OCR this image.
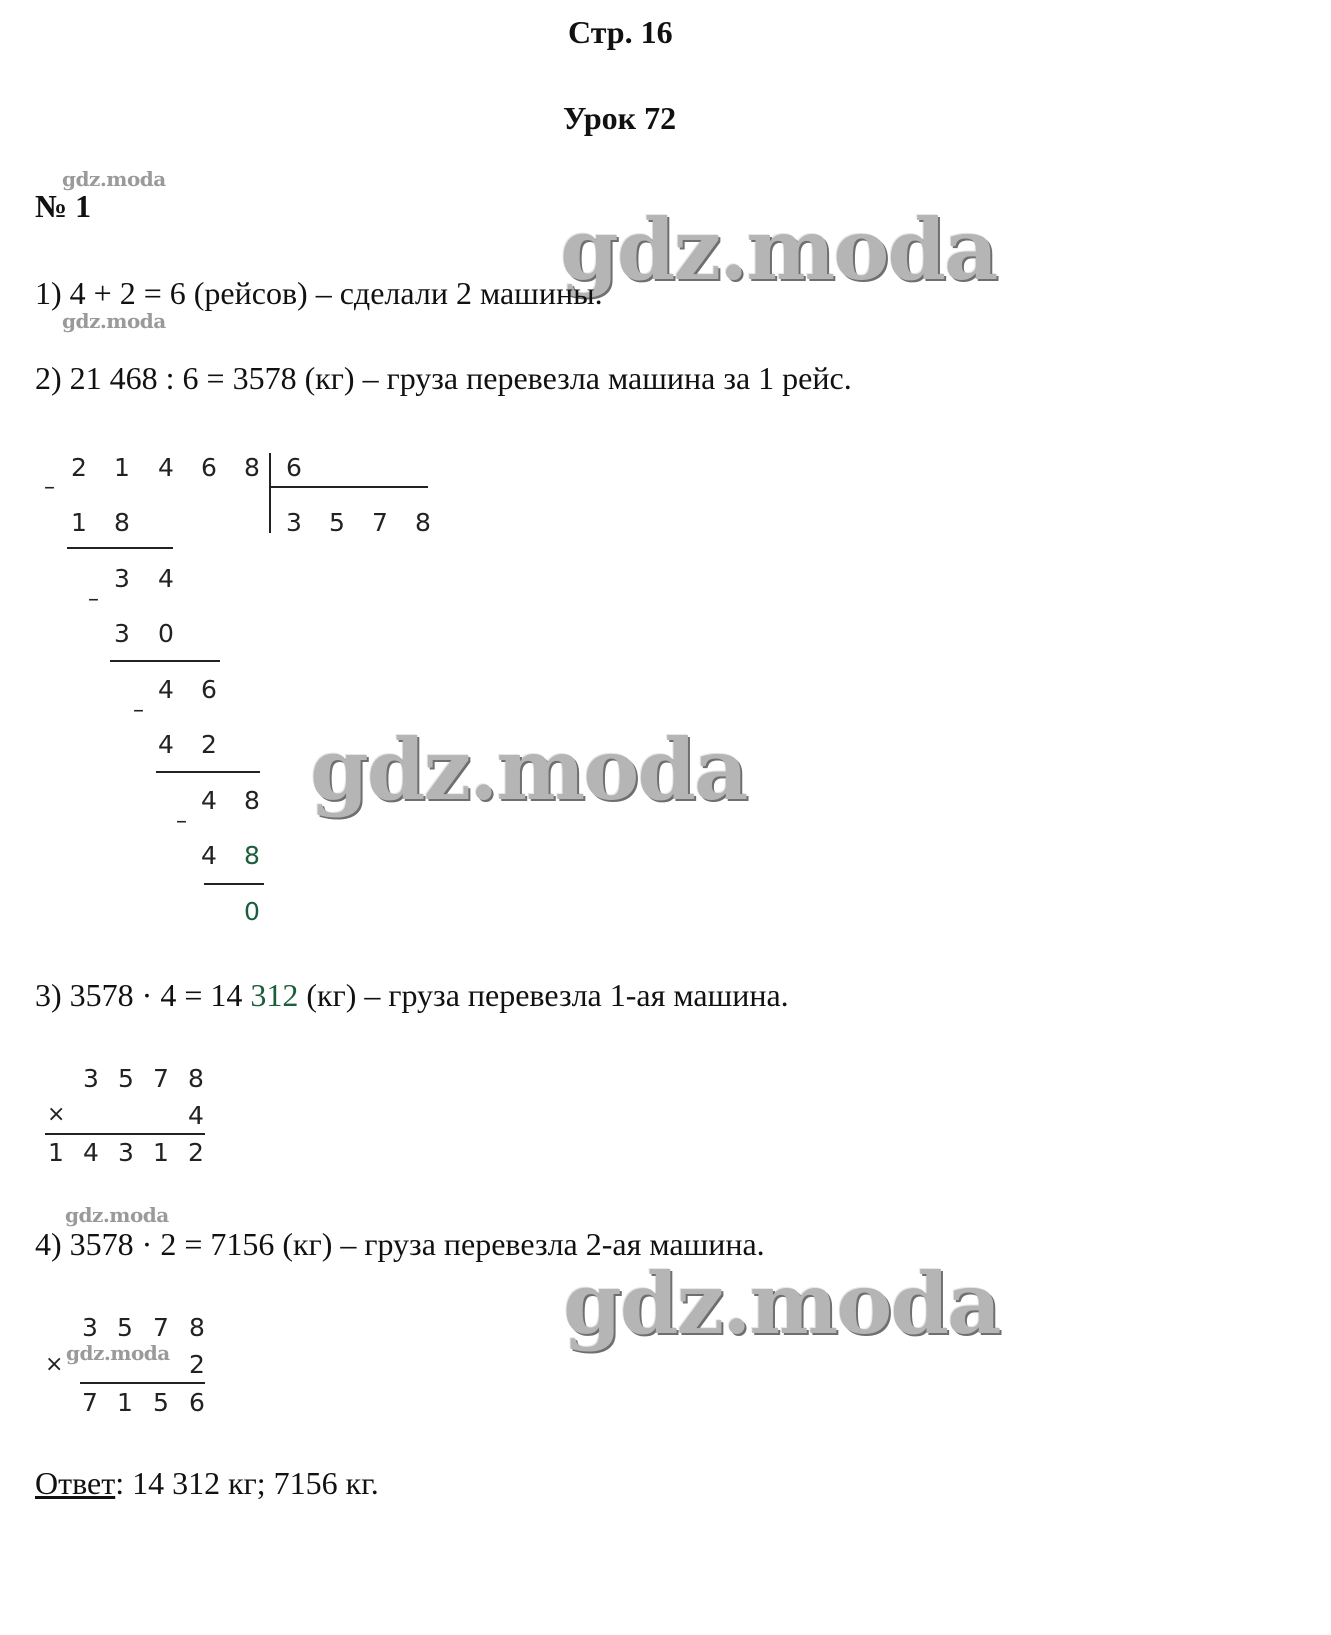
Стр. 16
Урок 72
gdz.moda
gdz.moda
gdz.moda
gdz.moda
gdz.moda
gdz.moda
gdz.moda
№ 1
1) 4 + 2 = 6 (рейсов) – сделали 2 машины.
2) 21 468 : 6 = 3578 (кг) – груза перевезла машина за 1 рейс.
2 1 4 6 8
–
6
3 5 7 8
1 8
3 4
–
3 0
4 6
–
4 2
4 8
–
4 8
0
3) 3578 · 4 = 14 312 (кг) – груза перевезла 1-ая машина.
3 5 7 8
×	4
1 4 3 1 2
4) 3578 · 2 = 7156 (кг) – груза перевезла 2-ая машина.
3 5 7 8
×	2
7 1 5 6
Ответ: 14 312 кг; 7156 кг.
